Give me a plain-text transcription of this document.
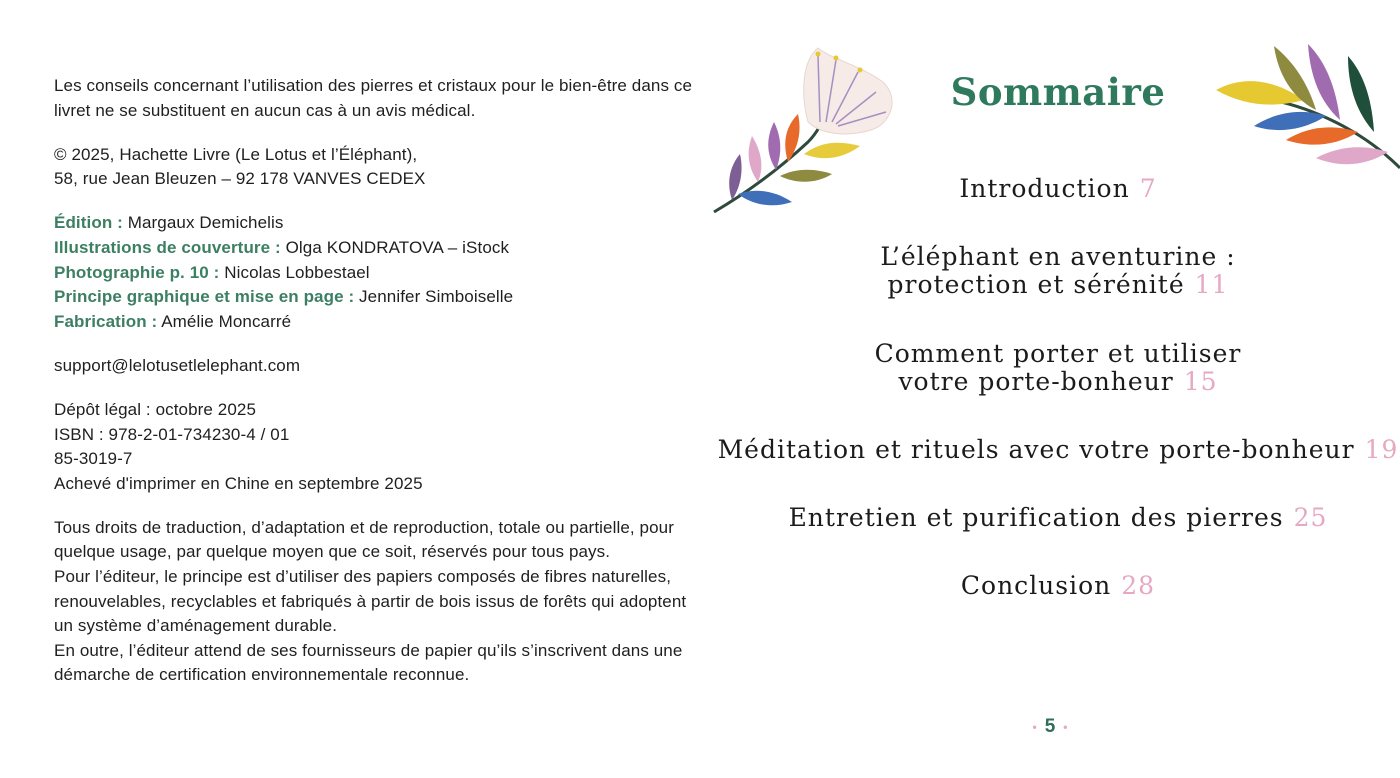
Les conseils concernant l’utilisation des pierres et cristaux pour le bien-être dans ce
livret ne se substituent en aucun cas à un avis médical.

© 2025, Hachette Livre (Le Lotus et l’Éléphant),
58, rue Jean Bleuzen – 92 178 VANVES CEDEX

Édition : Margaux Demichelis
Illustrations de couverture : Olga KONDRATOVA – iStock
Photographie p. 10 : Nicolas Lobbestael
Principe graphique et mise en page : Jennifer Simboiselle
Fabrication : Amélie Moncarré

support@lelotusetlelephant.com

Dépôt légal : octobre 2025
ISBN : 978-2-01-734230-4 / 01
85-3019-7
Achevé d'imprimer en Chine en septembre 2025

Tous droits de traduction, d’adaptation et de reproduction, totale ou partielle, pour
quelque usage, par quelque moyen que ce soit, réservés pour tous pays.
Pour l’éditeur, le principe est d’utiliser des papiers composés de fibres naturelles,
renouvelables, recyclables et fabriqués à partir de bois issus de forêts qui adoptent
un système d’aménagement durable.
En outre, l’éditeur attend de ses fournisseurs de papier qu’ils s’inscrivent dans une
démarche de certification environnementale reconnue.

Sommaire
Introduction 7
L’éléphant en aventurine :
protection et sérénité 11
Comment porter et utiliser
votre porte-bonheur 15
Méditation et rituels avec votre porte-bonheur 19
Entretien et purification des pierres 25
Conclusion 28
• 5 •
